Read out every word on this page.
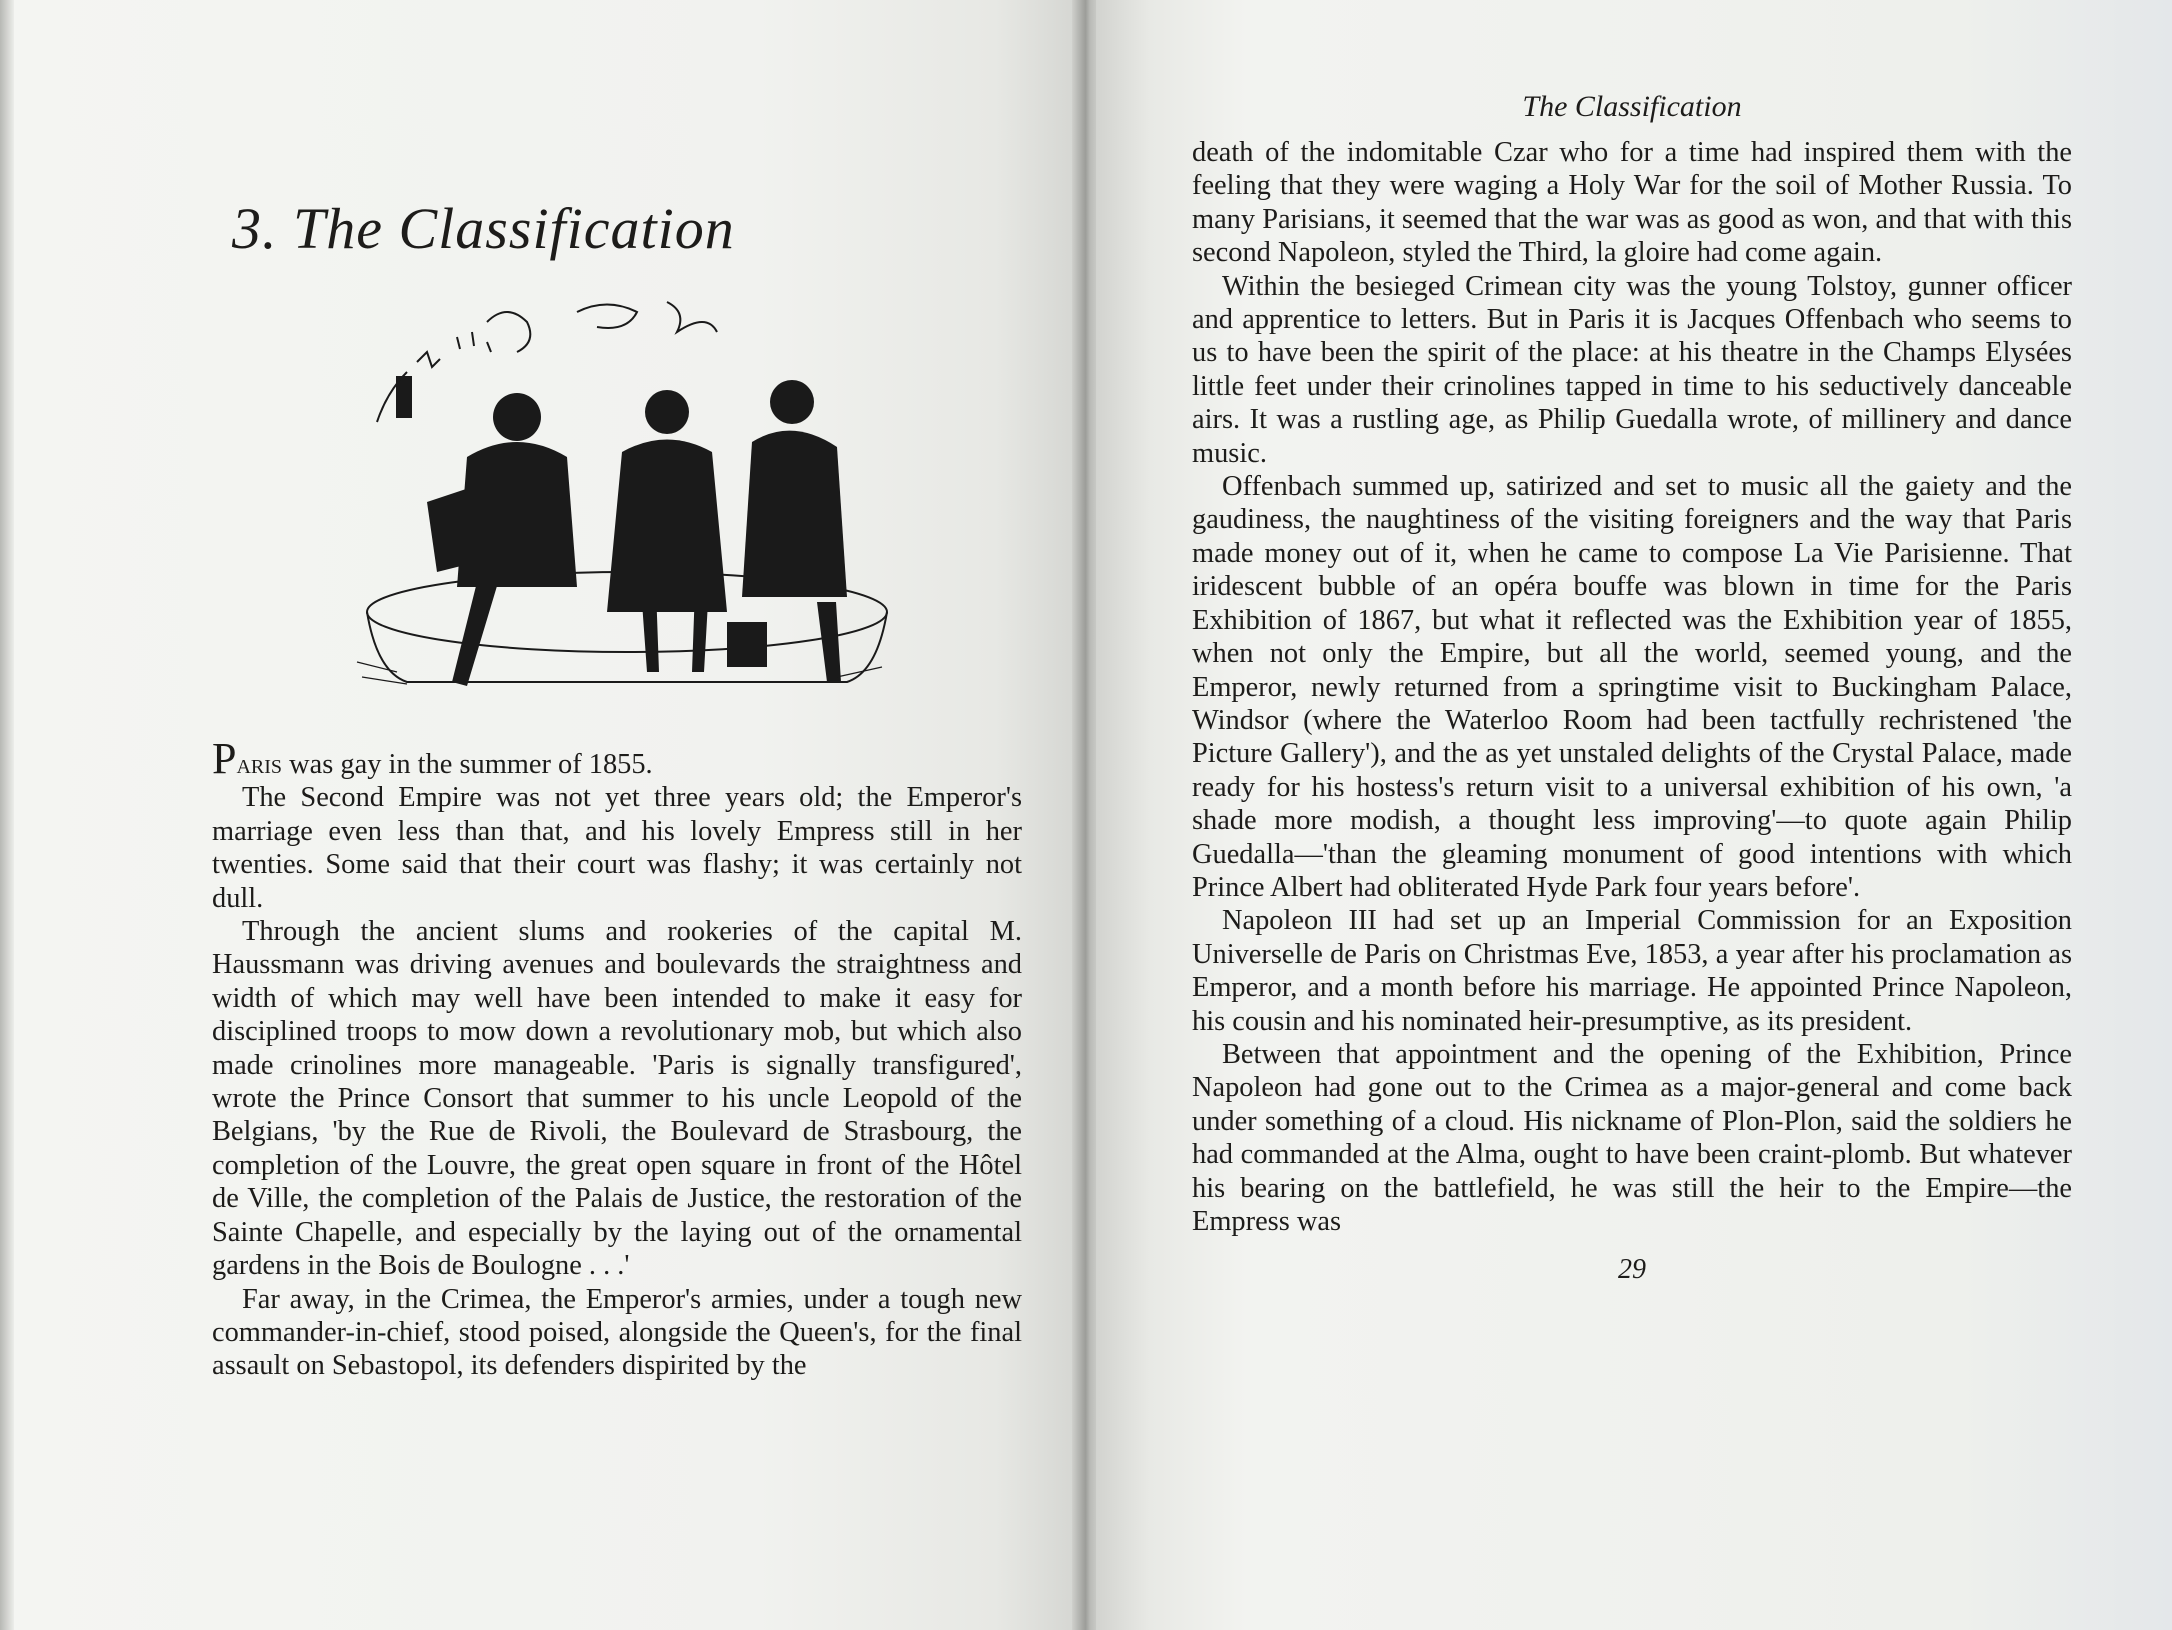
3. The Classification

Paris was gay in the summer of 1855.

The Second Empire was not yet three years old; the Emperor's marriage even less than that, and his lovely Empress still in her twenties. Some said that their court was flashy; it was certainly not dull.

Through the ancient slums and rookeries of the capital M. Haussmann was driving avenues and boulevards the straightness and width of which may well have been intended to make it easy for disciplined troops to mow down a revolutionary mob, but which also made crinolines more manageable. 'Paris is signally transfigured', wrote the Prince Consort that summer to his uncle Leopold of the Belgians, 'by the Rue de Rivoli, the Boulevard de Strasbourg, the completion of the Louvre, the great open square in front of the Hôtel de Ville, the completion of the Palais de Justice, the restoration of the Sainte Chapelle, and especially by the laying out of the ornamental gardens in the Bois de Boulogne . . .'

Far away, in the Crimea, the Emperor's armies, under a tough new commander-in-chief, stood poised, alongside the Queen's, for the final assault on Sebastopol, its defenders dispirited by the

The Classification

death of the indomitable Czar who for a time had inspired them with the feeling that they were waging a Holy War for the soil of Mother Russia. To many Parisians, it seemed that the war was as good as won, and that with this second Napoleon, styled the Third, la gloire had come again.

Within the besieged Crimean city was the young Tolstoy, gunner officer and apprentice to letters. But in Paris it is Jacques Offenbach who seems to us to have been the spirit of the place: at his theatre in the Champs Elysées little feet under their crinolines tapped in time to his seductively danceable airs. It was a rustling age, as Philip Guedalla wrote, of millinery and dance music.

Offenbach summed up, satirized and set to music all the gaiety and the gaudiness, the naughtiness of the visiting foreigners and the way that Paris made money out of it, when he came to compose La Vie Parisienne. That iridescent bubble of an opéra bouffe was blown in time for the Paris Exhibition of 1867, but what it reflected was the Exhibition year of 1855, when not only the Empire, but all the world, seemed young, and the Emperor, newly returned from a springtime visit to Buckingham Palace, Windsor (where the Waterloo Room had been tactfully rechristened 'the Picture Gallery'), and the as yet unstaled delights of the Crystal Palace, made ready for his hostess's return visit to a universal exhibition of his own, 'a shade more modish, a thought less improving'—to quote again Philip Guedalla—'than the gleaming monument of good intentions with which Prince Albert had obliterated Hyde Park four years before'.

Napoleon III had set up an Imperial Commission for an Exposition Universelle de Paris on Christmas Eve, 1853, a year after his proclamation as Emperor, and a month before his marriage. He appointed Prince Napoleon, his cousin and his nominated heir-presumptive, as its president.

Between that appointment and the opening of the Exhibition, Prince Napoleon had gone out to the Crimea as a major-general and come back under something of a cloud. His nickname of Plon-Plon, said the soldiers he had commanded at the Alma, ought to have been craint-plomb. But whatever his bearing on the battlefield, he was still the heir to the Empire—the Empress was

29
